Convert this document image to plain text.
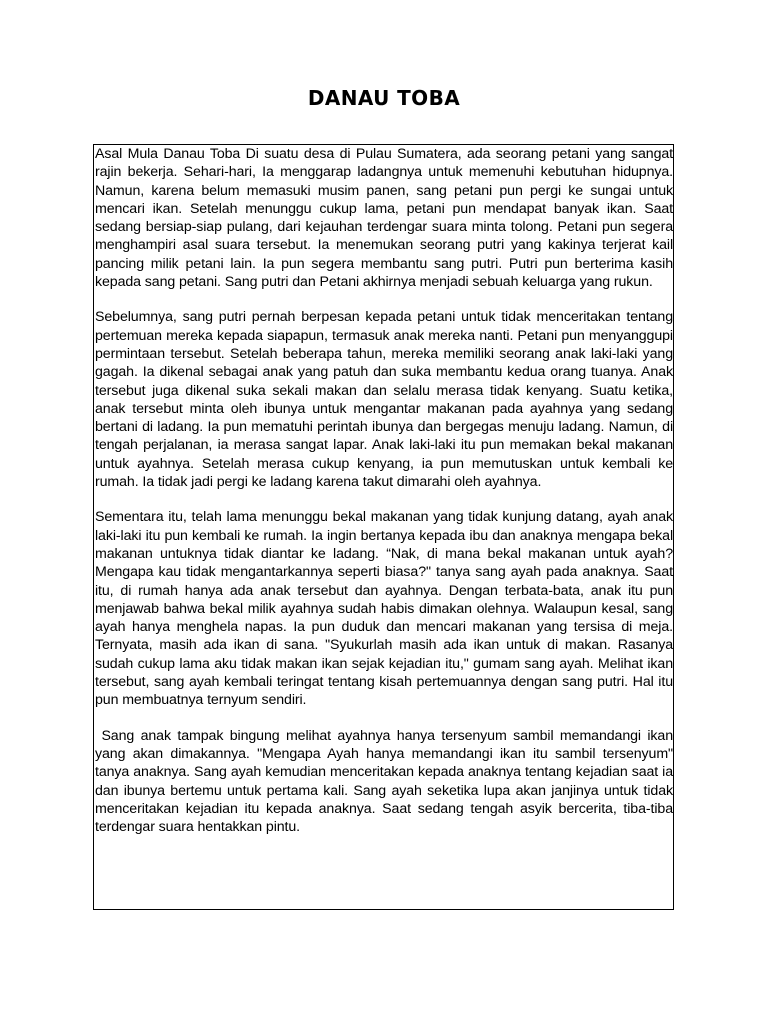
DANAU TOBA

Asal Mula Danau Toba Di suatu desa di Pulau Sumatera, ada seorang petani yang sangat rajin bekerja. Sehari-hari, Ia menggarap ladangnya untuk memenuhi kebutuhan hidupnya. Namun, karena belum memasuki musim panen, sang petani pun pergi ke sungai untuk mencari ikan. Setelah menunggu cukup lama, petani pun mendapat banyak ikan. Saat sedang bersiap-siap pulang, dari kejauhan terdengar suara minta tolong. Petani pun segera menghampiri asal suara tersebut. Ia menemukan seorang putri yang kakinya terjerat kail pancing milik petani lain. Ia pun segera membantu sang putri. Putri pun berterima kasih kepada sang petani. Sang putri dan Petani akhirnya menjadi sebuah keluarga yang rukun.

Sebelumnya, sang putri pernah berpesan kepada petani untuk tidak menceritakan tentang pertemuan mereka kepada siapapun, termasuk anak mereka nanti. Petani pun menyanggupi permintaan tersebut. Setelah beberapa tahun, mereka memiliki seorang anak laki-laki yang gagah. Ia dikenal sebagai anak yang patuh dan suka membantu kedua orang tuanya. Anak tersebut juga dikenal suka sekali makan dan selalu merasa tidak kenyang. Suatu ketika, anak tersebut minta oleh ibunya untuk mengantar makanan pada ayahnya yang sedang bertani di ladang. Ia pun mematuhi perintah ibunya dan bergegas menuju ladang. Namun, di tengah perjalanan, ia merasa sangat lapar. Anak laki-laki itu pun memakan bekal makanan untuk ayahnya. Setelah merasa cukup kenyang, ia pun memutuskan untuk kembali ke rumah. Ia tidak jadi pergi ke ladang karena takut dimarahi oleh ayahnya.

Sementara itu, telah lama menunggu bekal makanan yang tidak kunjung datang, ayah anak laki-laki itu pun kembali ke rumah. Ia ingin bertanya kepada ibu dan anaknya mengapa bekal makanan untuknya tidak diantar ke ladang. “Nak, di mana bekal makanan untuk ayah? Mengapa kau tidak mengantarkannya seperti biasa?" tanya sang ayah pada anaknya. Saat itu, di rumah hanya ada anak tersebut dan ayahnya. Dengan terbata-bata, anak itu pun menjawab bahwa bekal milik ayahnya sudah habis dimakan olehnya. Walaupun kesal, sang ayah hanya menghela napas. Ia pun duduk dan mencari makanan yang tersisa di meja. Ternyata, masih ada ikan di sana. "Syukurlah masih ada ikan untuk di makan. Rasanya sudah cukup lama aku tidak makan ikan sejak kejadian itu," gumam sang ayah. Melihat ikan tersebut, sang ayah kembali teringat tentang kisah pertemuannya dengan sang putri. Hal itu pun membuatnya ternyum sendiri.

Sang anak tampak bingung melihat ayahnya hanya tersenyum sambil memandangi ikan yang akan dimakannya. "Mengapa Ayah hanya memandangi ikan itu sambil tersenyum" tanya anaknya. Sang ayah kemudian menceritakan kepada anaknya tentang kejadian saat ia dan ibunya bertemu untuk pertama kali. Sang ayah seketika lupa akan janjinya untuk tidak menceritakan kejadian itu kepada anaknya. Saat sedang tengah asyik bercerita, tiba-tiba terdengar suara hentakkan pintu.
